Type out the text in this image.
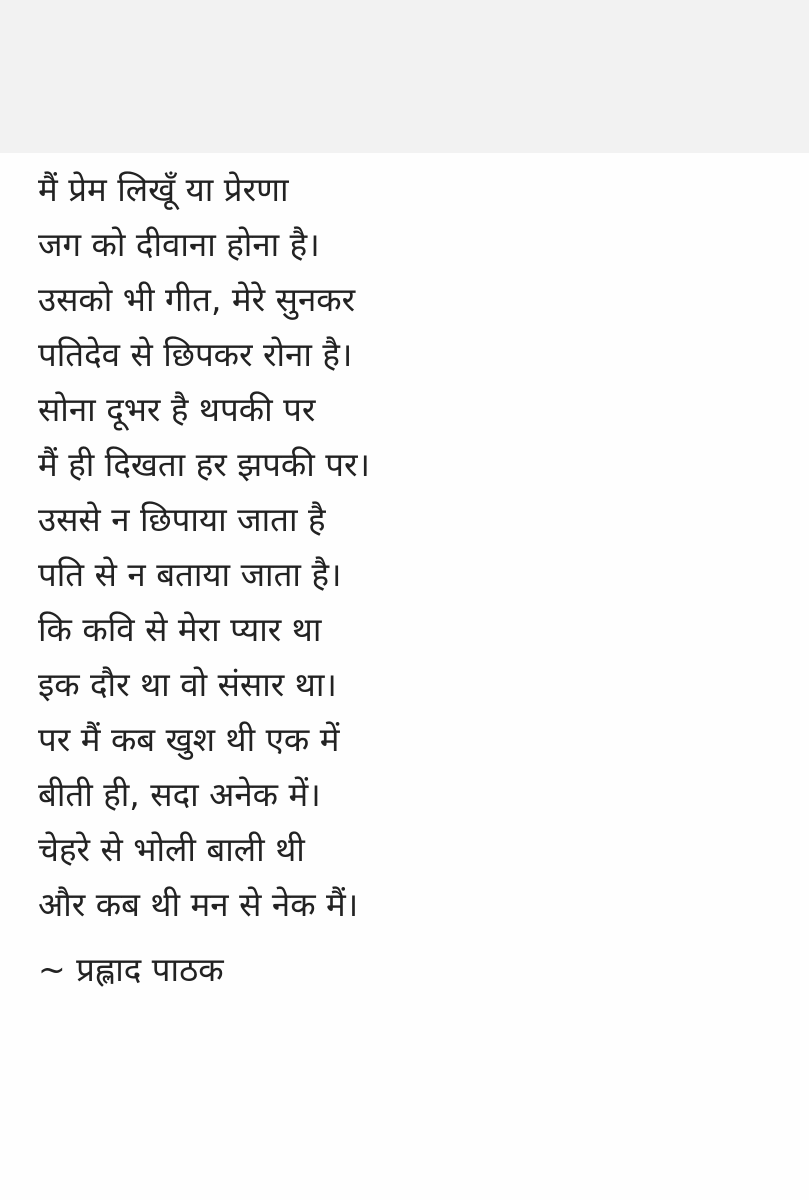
मैं प्रेम लिखूँ या प्रेरणा
जग को दीवाना होना है।
उसको भी गीत, मेरे सुनकर
पतिदेव से छिपकर रोना है।
सोना दूभर है थपकी पर
मैं ही दिखता हर झपकी पर।
उससे न छिपाया जाता है
पति से न बताया जाता है।
कि कवि से मेरा प्यार था
इक दौर था वो संसार था।
पर मैं कब खुश थी एक में
बीती ही, सदा अनेक में।
चेहरे से भोली बाली थी
और कब थी मन से नेक मैं।
~ प्रह्लाद पाठक
